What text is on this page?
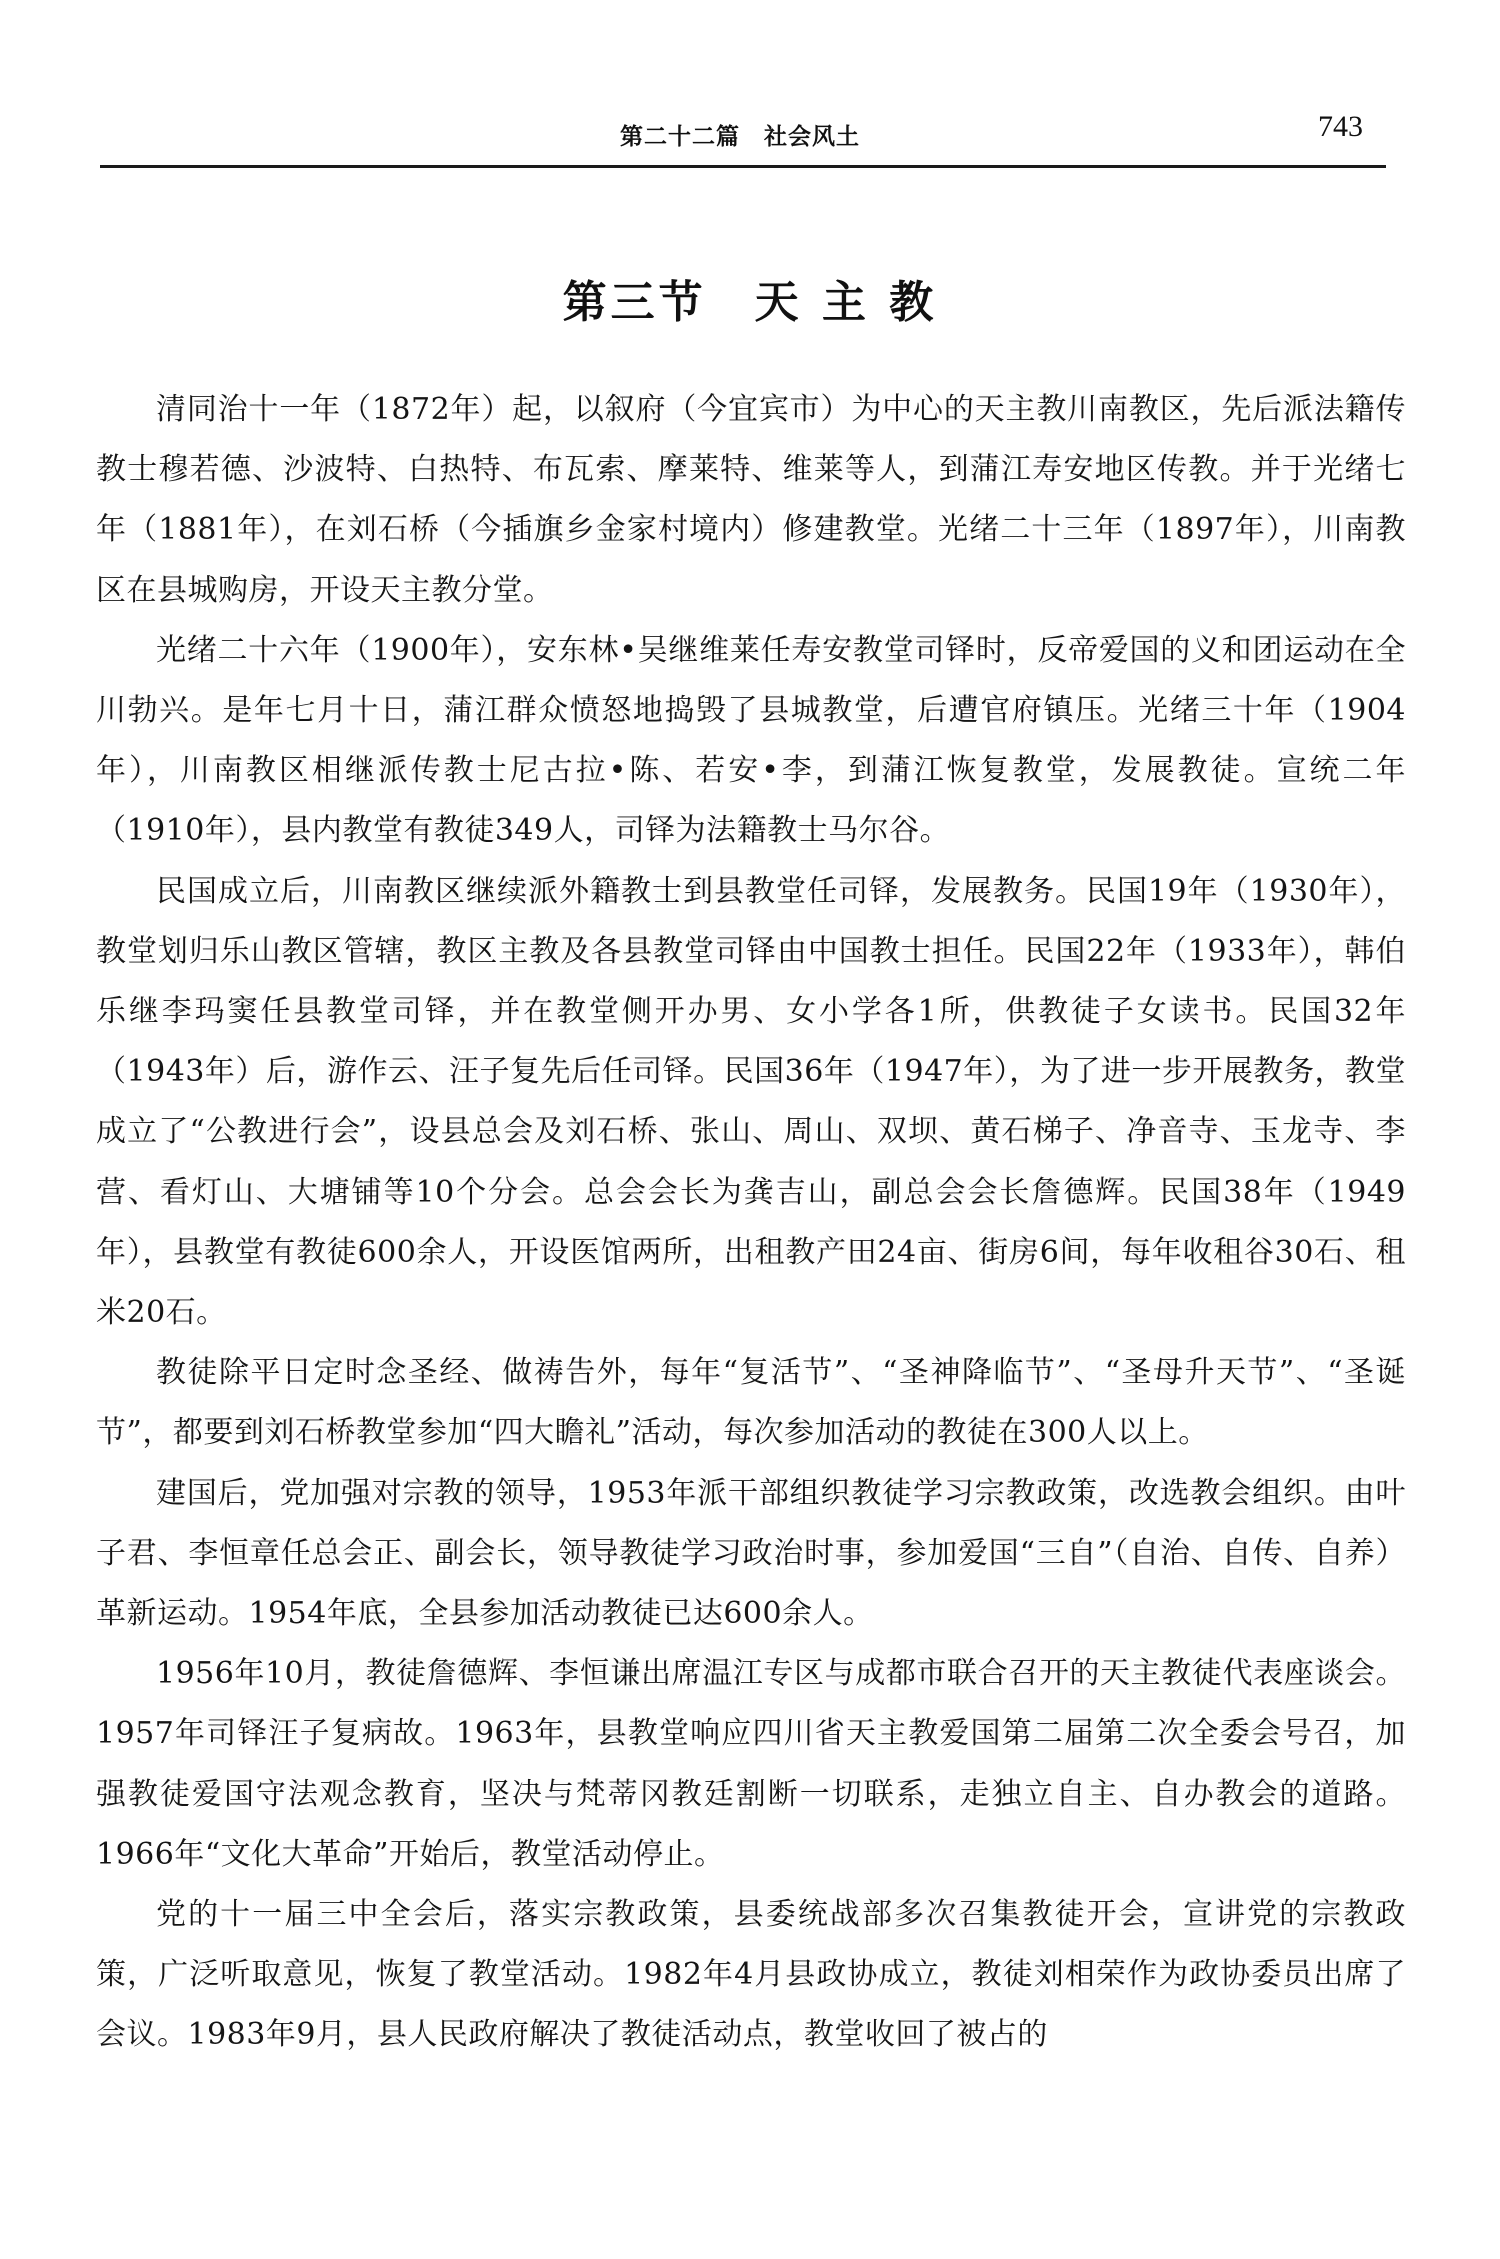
第二十二篇　社会风土	743
第三节　天 主 教

清同治十一年（1872年）起，以叙府（今宜宾市）为中心的天主教川南教区，先后派法籍传教士穆若德、沙波特、白热特、布瓦索、摩莱特、维莱等人，到蒲江寿安地区传教。并于光绪七年（1881年），在刘石桥（今插旗乡金家村境内）修建教堂。光绪二十三年（1897年），川南教区在县城购房，开设天主教分堂。

光绪二十六年（1900年），安东林•吴继维莱任寿安教堂司铎时，反帝爱国的义和团运动在全川勃兴。是年七月十日，蒲江群众愤怒地捣毁了县城教堂，后遭官府镇压。光绪三十年（1904年），川南教区相继派传教士尼古拉•陈、若安•李，到蒲江恢复教堂，发展教徒。宣统二年（1910年），县内教堂有教徒349人，司铎为法籍教士马尔谷。

民国成立后，川南教区继续派外籍教士到县教堂任司铎，发展教务。民国19年（1930年），教堂划归乐山教区管辖，教区主教及各县教堂司铎由中国教士担任。民国22年（1933年），韩伯乐继李玛窦任县教堂司铎，并在教堂侧开办男、女小学各1所，供教徒子女读书。民国32年（1943年）后，游作云、汪子复先后任司铎。民国36年（1947年），为了进一步开展教务，教堂成立了“公教进行会”，设县总会及刘石桥、张山、周山、双坝、黄石梯子、净音寺、玉龙寺、李营、看灯山、大塘铺等10个分会。总会会长为龚吉山，副总会会长詹德辉。民国38年（1949年），县教堂有教徒600余人，开设医馆两所，出租教产田24亩、街房6间，每年收租谷30石、租米20石。

教徒除平日定时念圣经、做祷告外，每年“复活节”、“圣神降临节”、“圣母升天节”、“圣诞节”，都要到刘石桥教堂参加“四大瞻礼”活动，每次参加活动的教徒在300人以上。

建国后，党加强对宗教的领导，1953年派干部组织教徒学习宗教政策，改选教会组织。由叶子君、李恒章任总会正、副会长，领导教徒学习政治时事，参加爱国“三自”（自治、自传、自养）革新运动。1954年底，全县参加活动教徒已达600余人。

1956年10月，教徒詹德辉、李恒谦出席温江专区与成都市联合召开的天主教徒代表座谈会。1957年司铎汪子复病故。1963年，县教堂响应四川省天主教爱国第二届第二次全委会号召，加强教徒爱国守法观念教育，坚决与梵蒂冈教廷割断一切联系，走独立自主、自办教会的道路。1966年“文化大革命”开始后，教堂活动停止。

党的十一届三中全会后，落实宗教政策，县委统战部多次召集教徒开会，宣讲党的宗教政策，广泛听取意见，恢复了教堂活动。1982年4月县政协成立，教徒刘相荣作为政协委员出席了会议。1983年9月，县人民政府解决了教徒活动点，教堂收回了被占的
